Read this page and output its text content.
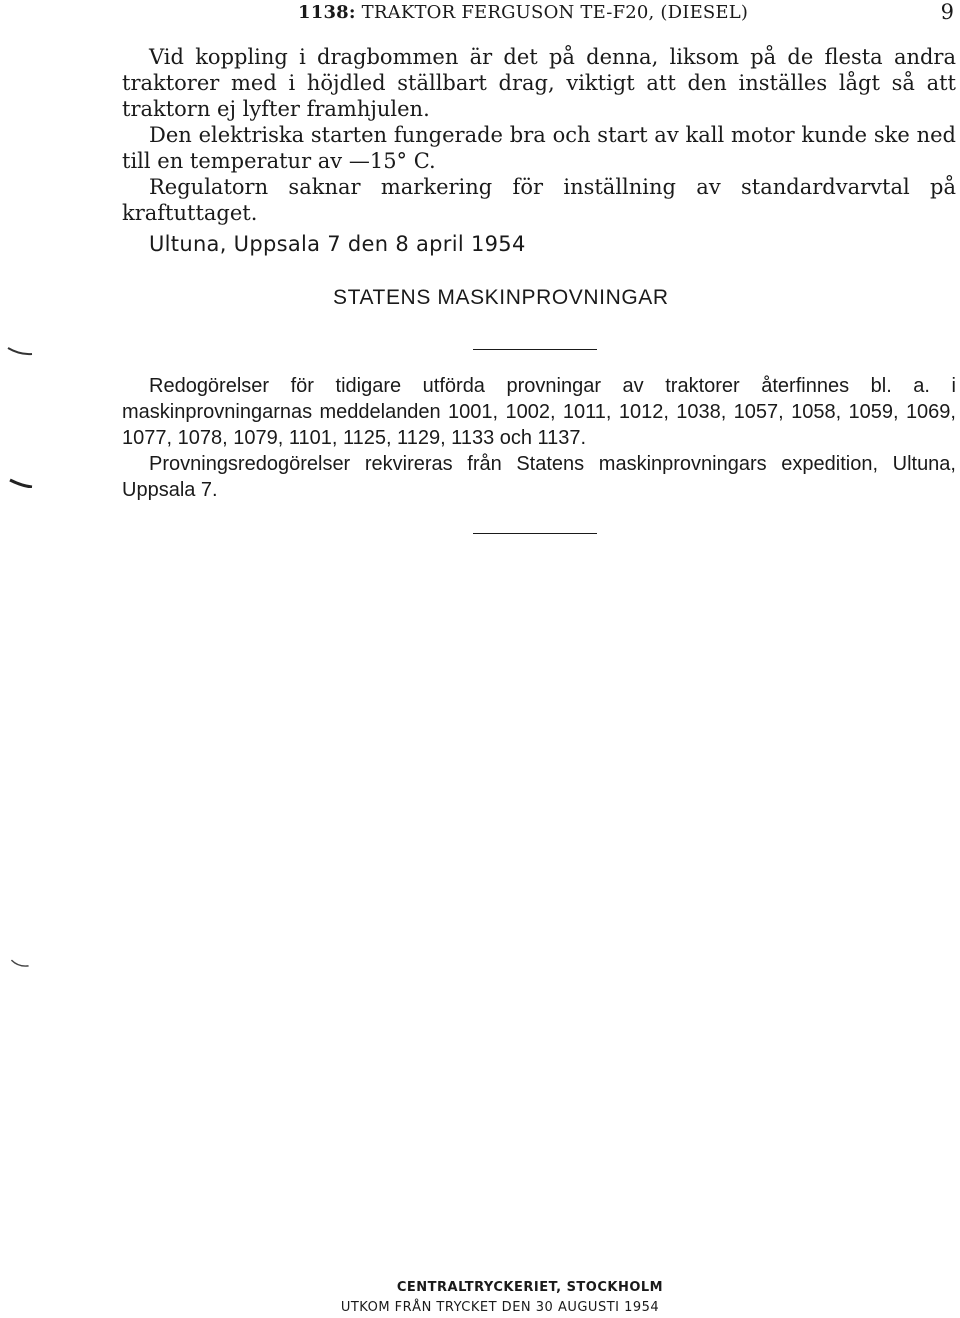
1138: TRAKTOR FERGUSON TE-F20, (DIESEL)	9

Vid koppling i dragbommen är det på denna, liksom på de flesta andra traktorer med i höjdled ställbart drag, viktigt att den inställes lågt så att traktorn ej lyfter framhjulen.

Den elektriska starten fungerade bra och start av kall motor kunde ske ned till en temperatur av —15° C.

Regulatorn saknar markering för inställning av standardvarvtal på kraftuttaget.

Ultuna, Uppsala 7 den 8 april 1954
STATENS MASKINPROVNINGAR

Redogörelser för tidigare utförda provningar av traktorer återfinnes bl. a. i maskinprovningarnas meddelanden 1001, 1002, 1011, 1012, 1038, 1057, 1058, 1059, 1069, 1077, 1078, 1079, 1101, 1125, 1129, 1133 och 1137.

Provningsredogörelser rekvireras från Statens maskinprovningars expedition, Ultuna, Uppsala 7.

CENTRALTRYCKERIET, STOCKHOLM
UTKOM FRÅN TRYCKET DEN 30 AUGUSTI 1954
